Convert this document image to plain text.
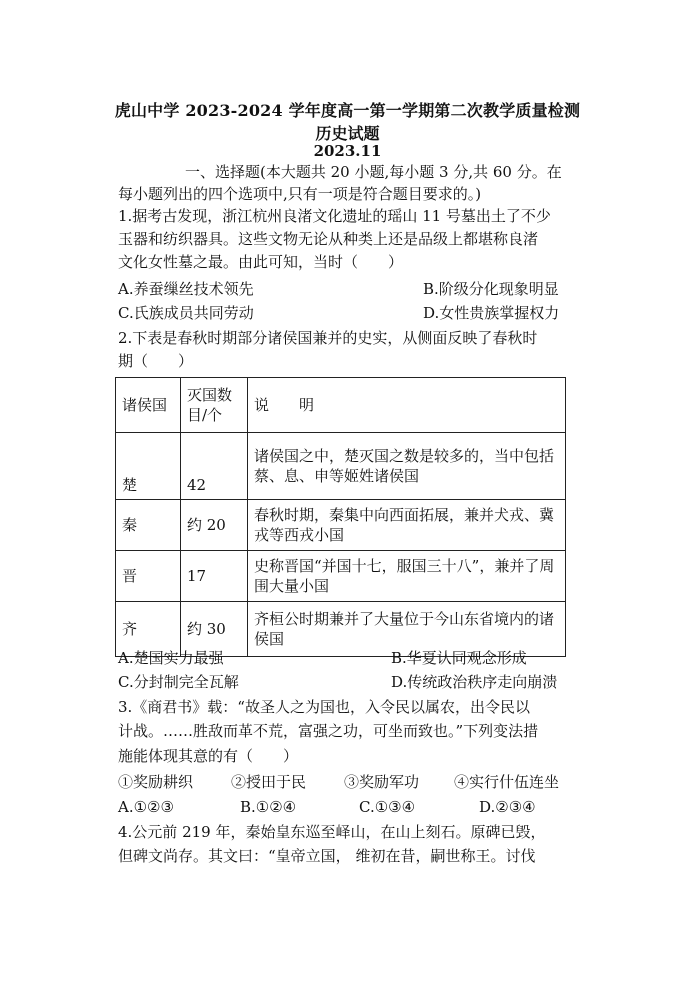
虎山中学 2023-2024 学年度高一第一学期第二次教学质量检测
历史试题
2023.11
一、选择题(本大题共 20 小题,每小题 3 分,共 60 分。在
每小题列出的四个选项中,只有一项是符合题目要求的。)
1.据考古发现，浙江杭州良渚文化遗址的瑶山 11 号墓出土了不少
玉器和纺织器具。这些文物无论从种类上还是品级上都堪称良渚
文化女性墓之最。由此可知，当时（　　）
A.养蚕缫丝技术领先	B.阶级分化现象明显
C.氏族成员共同劳动	D.女性贵族掌握权力
2.下表是春秋时期部分诸侯国兼并的史实，从侧面反映了春秋时
期（　　）
诸侯国	灭国数目/个	说　　明
楚	42	诸侯国之中，楚灭国之数是较多的，当中包括蔡、息、申等姬姓诸侯国
秦	约 20	春秋时期，秦集中向西面拓展，兼并犬戎、冀戎等西戎小国
晋	17	史称晋国“并国十七，服国三十八”，兼并了周围大量小国
齐	约 30	齐桓公时期兼并了大量位于今山东省境内的诸侯国
A.楚国实力最强	B.华夏认同观念形成
C.分封制完全瓦解	D.传统政治秩序走向崩溃
3.《商君书》载：“故圣人之为国也，入令民以属农，出令民以
计战。……胜敌而革不荒，富强之功，可坐而致也。”下列变法措
施能体现其意的有（　　）
①奖励耕织	②授田于民	③奖励军功 ④实行什伍连坐
A.①②③	B.①②④	C.①③④	D.②③④
4.公元前 219 年，秦始皇东巡至峄山，在山上刻石。原碑已毁，
但碑文尚存。其文曰：“皇帝立国， 维初在昔，嗣世称王。讨伐
